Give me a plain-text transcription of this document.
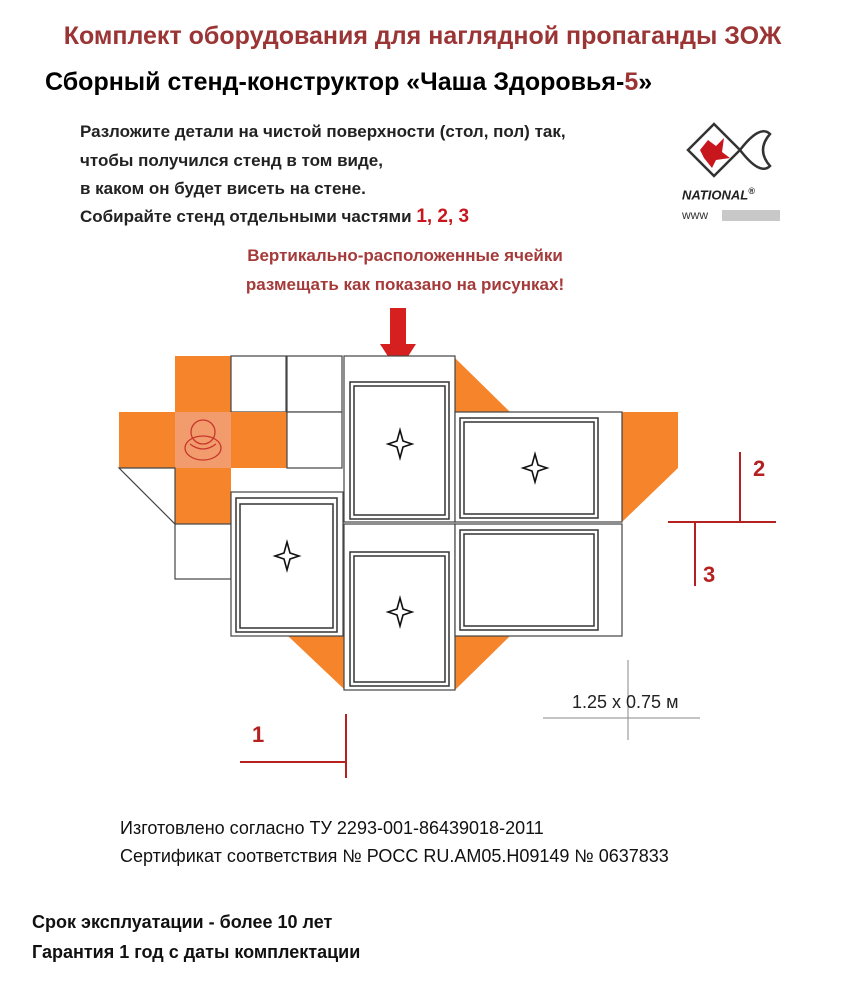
Комплект оборудования для наглядной пропаганды ЗОЖ
Сборный стенд-конструктор «Чаша Здоровья-5»
Разложите детали на чистой поверхности (стол, пол) так,
чтобы получился стенд в том виде,
в каком он будет висеть на стене.
Собирайте стенд отдельными частями 1, 2, 3
Вертикально-расположенные ячейки
размещать как показано на рисунках!
NATIONAL®
www
2
3
1
1.25 x 0.75 м
Изготовлено согласно ТУ 2293-001-86439018-2011
Сертификат соответствия № РОСС RU.АМ05.Н09149 № 0637833
Срок эксплуатации - более 10 лет
Гарантия 1 год с даты комплектации
